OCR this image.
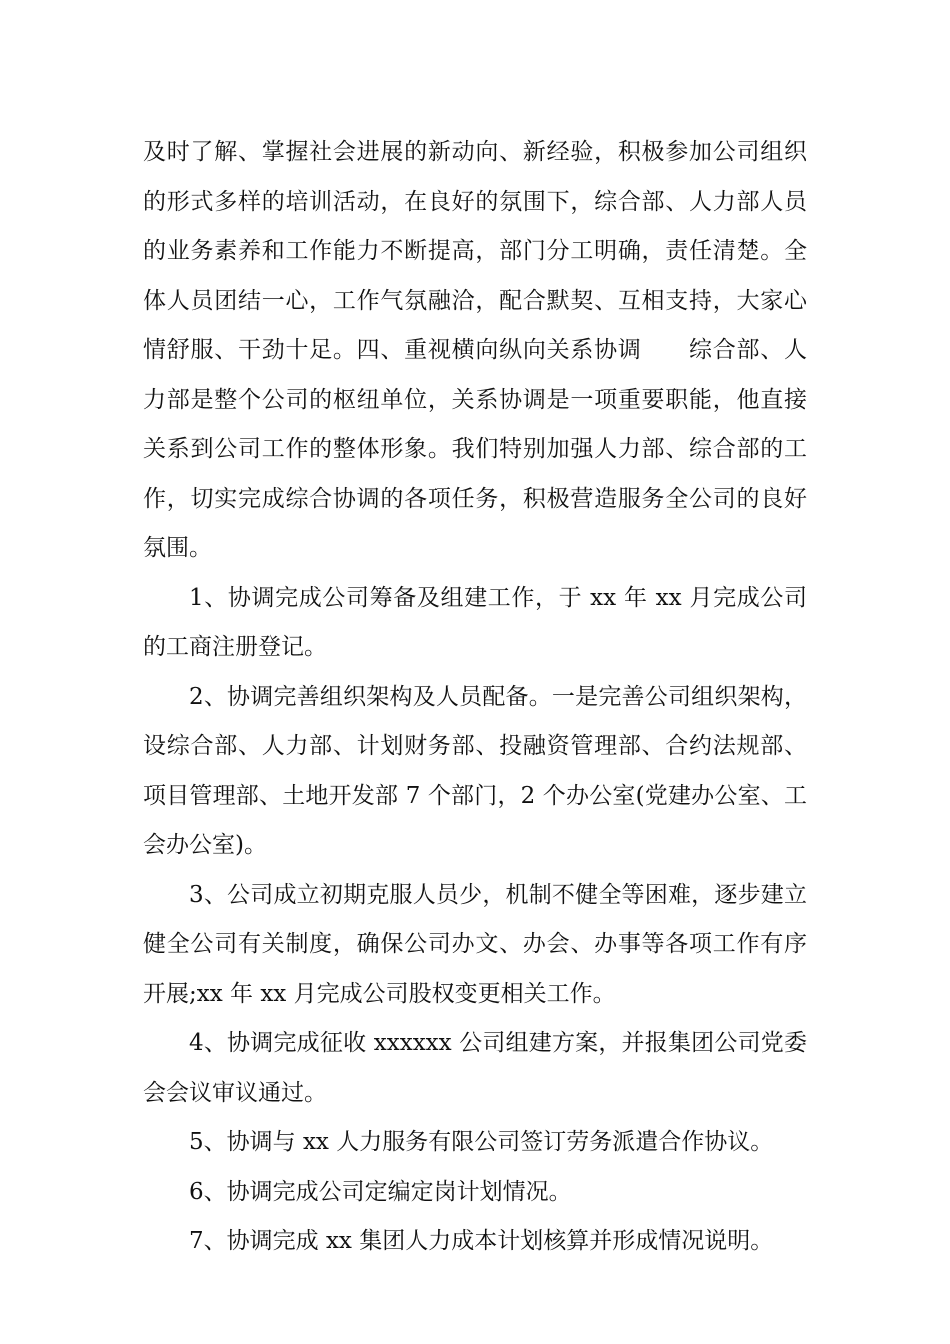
及时了解、掌握社会进展的新动向、新经验，积极参加公司组织的形式多样的培训活动，在良好的氛围下，综合部、人力部人员的业务素养和工作能力不断提高，部门分工明确，责任清楚。全体人员团结一心，工作气氛融洽，配合默契、互相支持，大家心情舒服、干劲十足。四、重视横向纵向关系协调　　综合部、人力部是整个公司的枢纽单位，关系协调是一项重要职能，他直接关系到公司工作的整体形象。我们特别加强人力部、综合部的工作，切实完成综合协调的各项任务，积极营造服务全公司的良好氛围。

1、协调完成公司筹备及组建工作，于 xx 年 xx 月完成公司的工商注册登记。

2、协调完善组织架构及人员配备。一是完善公司组织架构，设综合部、人力部、计划财务部、投融资管理部、合约法规部、项目管理部、土地开发部 7 个部门，2 个办公室(党建办公室、工会办公室)。

3、公司成立初期克服人员少，机制不健全等困难，逐步建立健全公司有关制度，确保公司办文、办会、办事等各项工作有序开展;xx 年 xx 月完成公司股权变更相关工作。

4、协调完成征收 xxxxxx 公司组建方案，并报集团公司党委会会议审议通过。

5、协调与 xx 人力服务有限公司签订劳务派遣合作协议。

6、协调完成公司定编定岗计划情况。

7、协调完成 xx 集团人力成本计划核算并形成情况说明。
